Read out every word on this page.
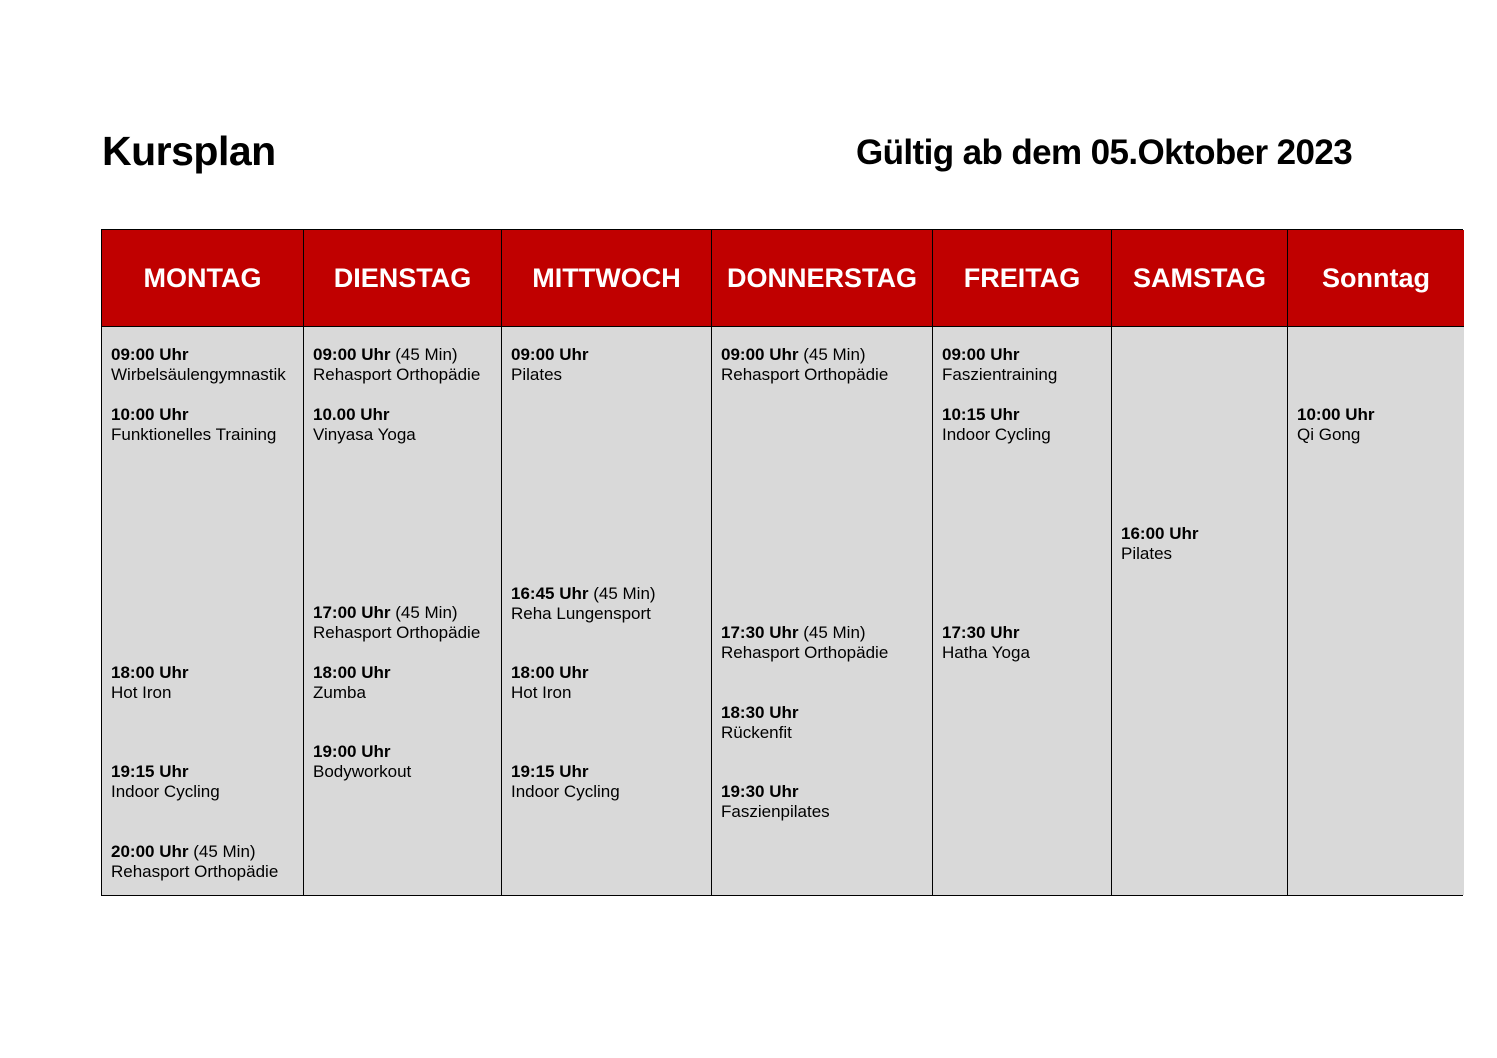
Kursplan	Gültig ab dem 05.Oktober 2023
MONTAG
09:00 Uhr
Wirbelsäulengymnastik
10:00 Uhr
Funktionelles Training
18:00 Uhr
Hot Iron
19:15 Uhr
Indoor Cycling
20:00 Uhr (45 Min)
Rehasport Orthopädie
DIENSTAG
09:00 Uhr (45 Min)
Rehasport Orthopädie
10.00 Uhr
Vinyasa Yoga
17:00 Uhr (45 Min)
Rehasport Orthopädie
18:00 Uhr
Zumba
19:00 Uhr
Bodyworkout
MITTWOCH
09:00 Uhr
Pilates
16:45 Uhr (45 Min)
Reha Lungensport
18:00 Uhr
Hot Iron
19:15 Uhr
Indoor Cycling
DONNERSTAG
09:00 Uhr (45 Min)
Rehasport Orthopädie
17:30 Uhr (45 Min)
Rehasport Orthopädie
18:30 Uhr
Rückenfit
19:30 Uhr
Faszienpilates
FREITAG
09:00 Uhr
Faszientraining
10:15 Uhr
Indoor Cycling
17:30 Uhr
Hatha Yoga
SAMSTAG
16:00 Uhr
Pilates
Sonntag
10:00 Uhr
Qi Gong
